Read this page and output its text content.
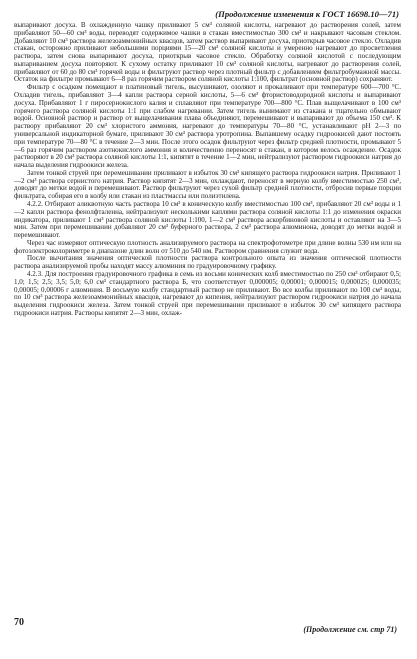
(Продолжение изменения к ГОСТ 16698.10—71)

выпаривают досуха. В охлажденную чашку приливают 5 см³ соляной кислоты, нагревают до растворения солей, затем прибавляют 50—60 см³ воды, переводят содержимое чашки в стакан вместимостью 300 см³ и накрывают часовым стеклом. Добавляют 10 см³ раствора железоаммонийных квасцов, затем раствор выпаривают досуха, приоткрыв часовое стекло. Охладив стакан, осторожно приливают небольшими порциями 15—20 см³ соляной кислоты и умеренно нагревают до просветления раствора, затем снова выпаривают досуха, приоткрыв часовое стекло. Обработку соляной кислотой с последующим выпариванием досуха повторяют. К сухому остатку приливают 10 см³ соляной кислоты, нагревают до растворения солей, прибавляют от 60 до 80 см³ горячей воды и фильтруют раствор через плотный фильтр с добавлением фильтробумажной массы. Остаток на фильтре промывают 6—8 раз горячим раствором соляной кислоты 1:100, фильтрат (основной раствор) сохраняют.

Фильтр с осадком помещают в платиновый тигель, высушивают, озоляют и прокаливают при температуре 600—700 °С. Охладив тигель, прибавляют 3—4 капли раствора серной кислоты, 5—6 см³ фтористоводородной кислоты и выпаривают досуха. Прибавляют 1 г пиросернокислого калия и сплавляют при температуре 700—800 °С. Плав выщелачивают в 100 см³ горячего раствора соляной кислоты 1:1 при слабом нагревании. Затем тигель вынимают из стакана и тщательно обмывают водой. Основной раствор и раствор от выщелачивания плава объединяют, перемешивают и выпаривают до объема 150 см³. К раствору прибавляют 20 см³ хлористого аммония, нагревают до температуры 70—80 °С, устанавливают рН 2—3 по универсальной индикаторной бумаге, приливают 30 см³ раствора уротропина. Выпавшему осадку гидроокисей дают постоять при температуре 70—80 °С в течение 2—3 мин. После этого осадок фильтруют через фильтр средней плотности, промывают 5—6 раз горячим раствором азотнокислого аммония и количественно переносят в стакан, в котором велось осаждение. Осадок растворяют в 20 см³ раствора соляной кислоты 1:1, кипятят в течение 1—2 мин, нейтрализуют раствором гидроокиси натрия до начала выделения гидроокиси железа.

Затем тонкой струей при перемешивании приливают в избыток 30 см³ кипящего раствора гидроокиси натрия. Приливают 1—2 см³ раствора сернистого натрия. Раствор кипятят 2—3 мин, охлаждают, переносят в мерную колбу вместимостью 250 см³, доводят до метки водой и перемешивают. Раствор фильтруют через сухой фильтр средней плотности, отбросив первые порции фильтрата, собирая его в колбу или стакан из пластмассы или полиэтилена.

4.2.2. Отбирают аликвотную часть раствора 10 см³ в коническую колбу вместимостью 100 см³, прибавляют 20 см³ воды и 1—2 капли раствора фенолфталеина, нейтрализуют несколькими каплями раствора соляной кислоты 1:1 до изменения окраски индикатора, приливают 1 см³ раствора соляной кислоты 1:100, 1—2 см³ раствора аскорбиновой кислоты и оставляют на 3—5 мин. Затем при перемешивании добавляют 20 см³ буферного раствора, 2 см³ раствора алюминона, доводят до метки водой и перемешивают.

Через час измеряют оптическую плотность анализируемого раствора на спектрофотометре при длине волны 530 нм или на фотоэлектроколориметре в диапазоне длин волн от 510 до 540 нм. Раствором сравнения служит вода.

После вычитания значения оптической плотности раствора контрольного опыта из значения оптической плотности раствора анализируемой пробы находят массу алюминия по градуировочному графику.

4.2.3. Для построения градуировочного графика в семь из восьми конических колб вместимостью по 250 см³ отбирают 0,5; 1,0; 1,5; 2,5; 3,5; 5,0; 6,0 см³ стандартного раствора Б, что соответствует 0,000005; 0,00001; 0,000015; 0,000025; 0,000035; 0,00005; 0,00006 г алюминия. В восьмую колбу стандартный раствор не приливают. Во все колбы приливают по 100 см³ воды, по 10 см³ раствора железоаммонийных квасцов, нагревают до кипения, нейтрализуют раствором гидроокиси натрия до начала выделения гидроокиси железа. Затем тонкой струей при перемешивании приливают в избыток 30 см³ кипящего раствора гидроокиси натрия. Растворы кипятят 2—3 мин, охлаж-

70
(Продолжение см. стр 71)
